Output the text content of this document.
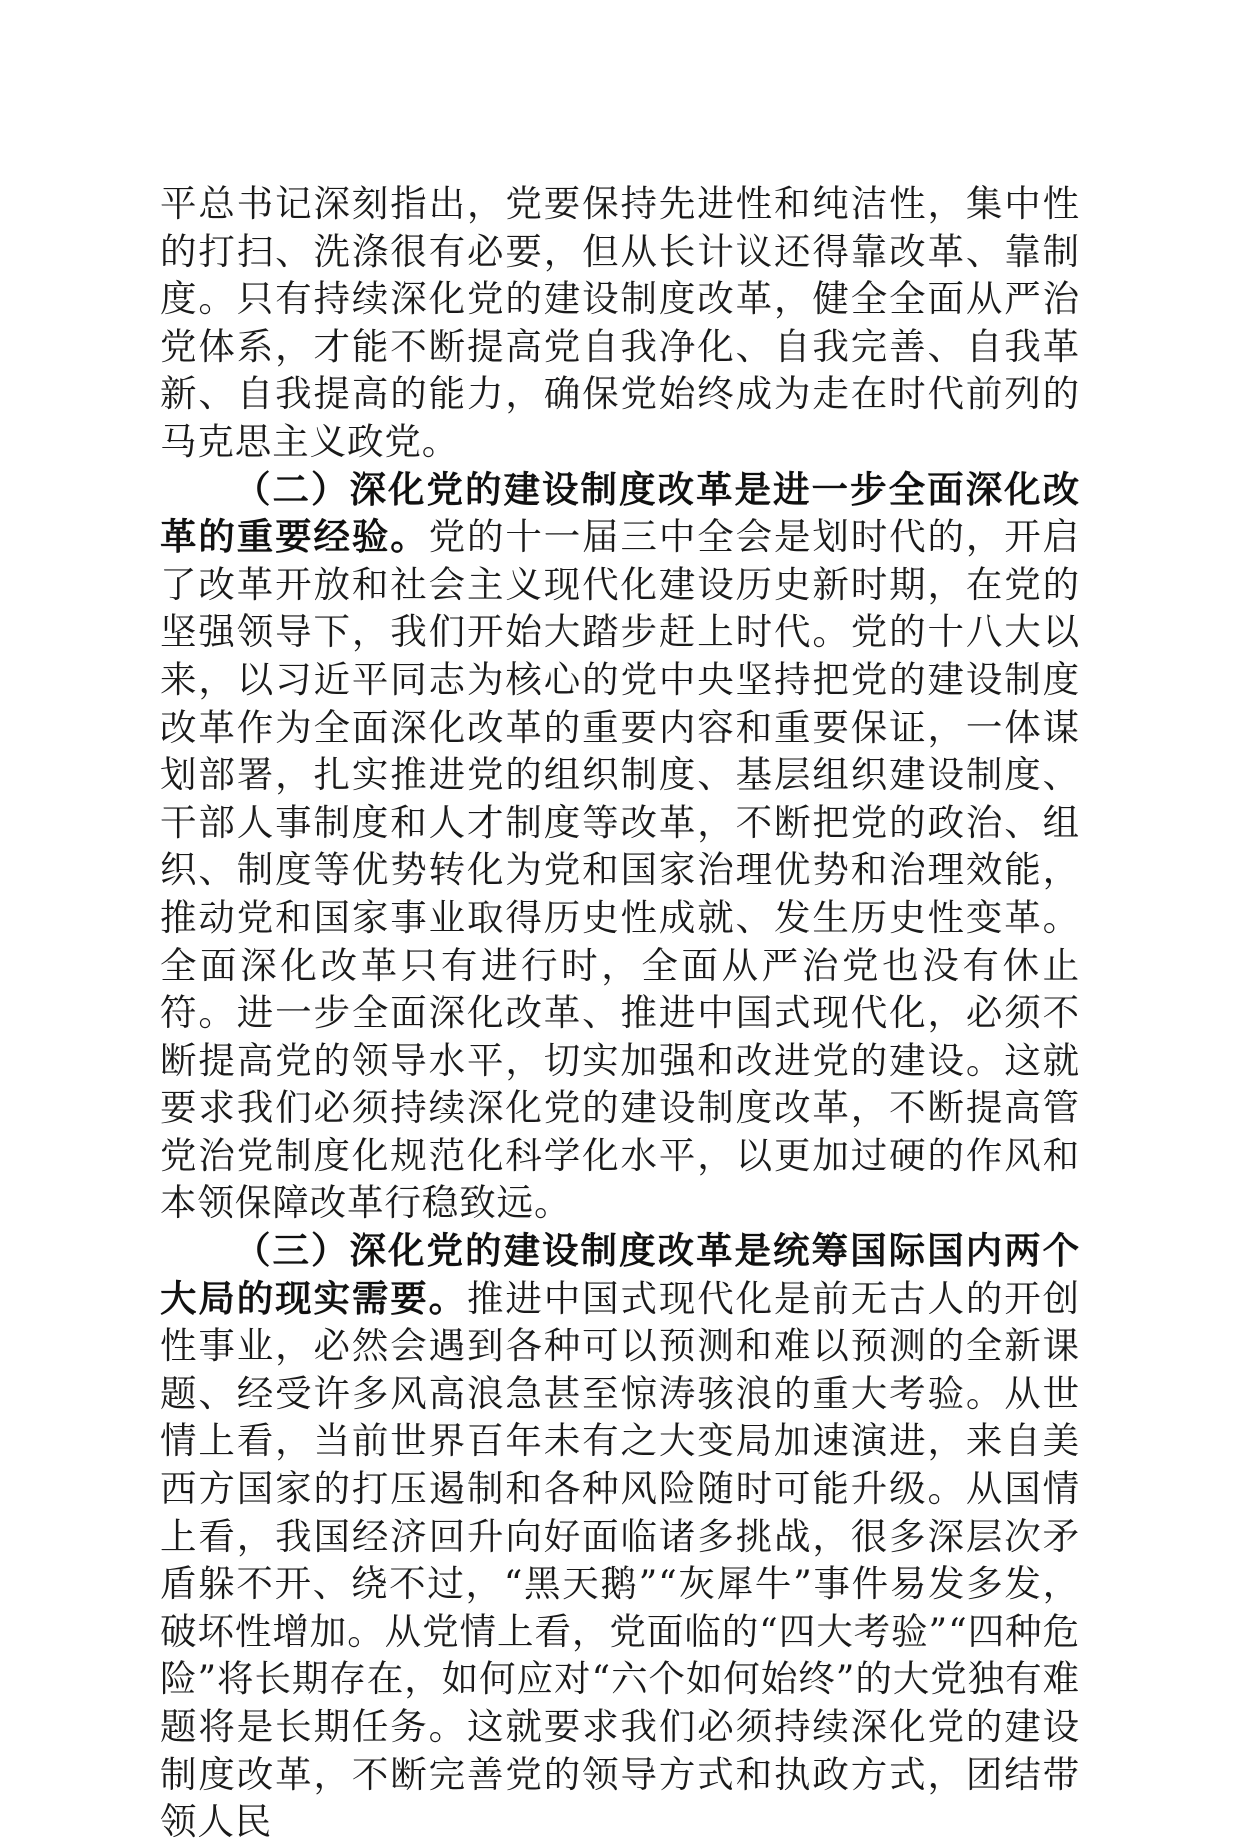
平总书记深刻指出，党要保持先进性和纯洁性，集中性的打扫、洗涤很有必要，但从长计议还得靠改革、靠制度。只有持续深化党的建设制度改革，健全全面从严治党体系，才能不断提高党自我净化、自我完善、自我革新、自我提高的能力，确保党始终成为走在时代前列的马克思主义政党。

（二）深化党的建设制度改革是进一步全面深化改革的重要经验。党的十一届三中全会是划时代的，开启了改革开放和社会主义现代化建设历史新时期，在党的坚强领导下，我们开始大踏步赶上时代。党的十八大以来，以习近平同志为核心的党中央坚持把党的建设制度改革作为全面深化改革的重要内容和重要保证，一体谋划部署，扎实推进党的组织制度、基层组织建设制度、干部人事制度和人才制度等改革，不断把党的政治、组织、制度等优势转化为党和国家治理优势和治理效能，推动党和国家事业取得历史性成就、发生历史性变革。全面深化改革只有进行时，全面从严治党也没有休止符。进一步全面深化改革、推进中国式现代化，必须不断提高党的领导水平，切实加强和改进党的建设。这就要求我们必须持续深化党的建设制度改革，不断提高管党治党制度化规范化科学化水平，以更加过硬的作风和本领保障改革行稳致远。

（三）深化党的建设制度改革是统筹国际国内两个大局的现实需要。推进中国式现代化是前无古人的开创性事业，必然会遇到各种可以预测和难以预测的全新课题、经受许多风高浪急甚至惊涛骇浪的重大考验。从世情上看，当前世界百年未有之大变局加速演进，来自美西方国家的打压遏制和各种风险随时可能升级。从国情上看，我国经济回升向好面临诸多挑战，很多深层次矛盾躲不开、绕不过，“黑天鹅”“灰犀牛”事件易发多发，破坏性增加。从党情上看，党面临的“四大考验”“四种危险”将长期存在，如何应对“六个如何始终”的大党独有难题将是长期任务。这就要求我们必须持续深化党的建设制度改革，不断完善党的领导方式和执政方式，团结带领人民
